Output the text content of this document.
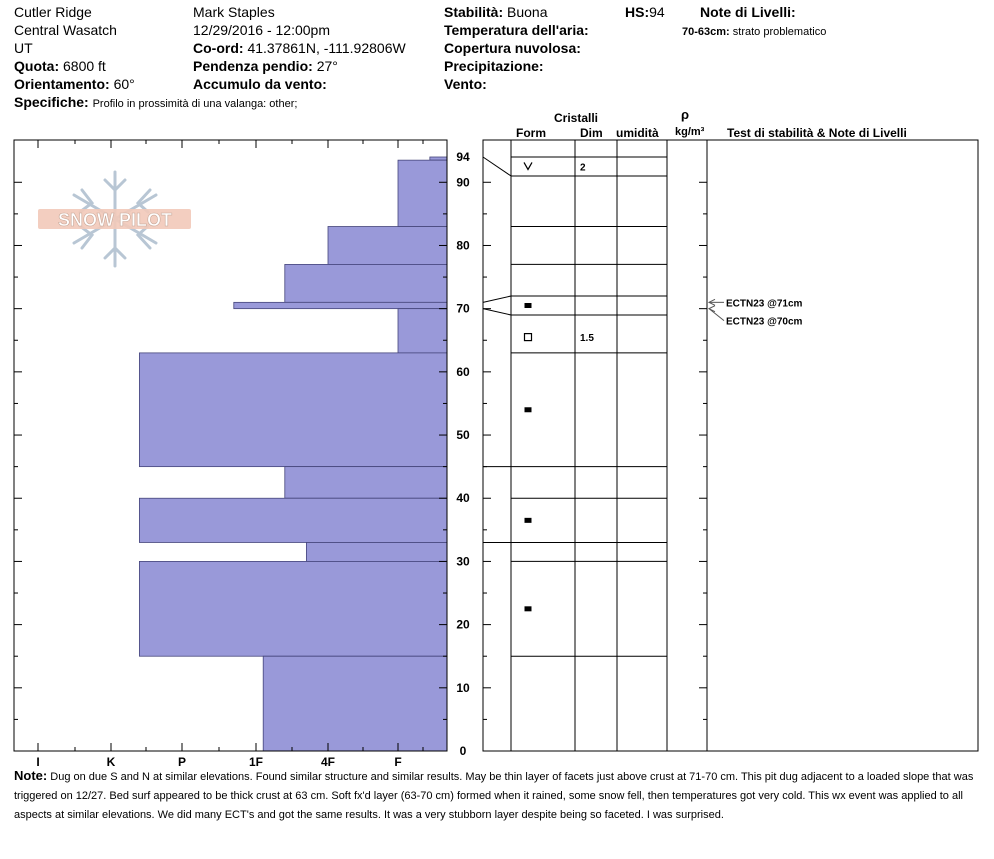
Cutler Ridge
Central Wasatch
UT
Quota: 6800 ft
Orientamento: 60°
Specifiche: Profilo in prossimità di una valanga: other;
Mark Staples
12/29/2016 - 12:00pm
Co-ord: 41.37861N, -111.92806W
Pendenza pendio: 27°
Accumulo da vento:
Stabilità: Buona	HS:94
Temperatura dell'aria:
Copertura nuvolosa:
Precipitazione:
Vento:
Note di Livelli:
70-63cm: strato problematico
Cristalli
Form	Dim umidità
ρ
kg/m³ Test di stabilità & Note di Livelli
SNOW PILOT
I	K	P	1F	4F	F
0
10
20
30
40
50
60
70
80
90
94
2
1.5
ECTN23 @71cm
ECTN23 @70cm
Note: Dug on due S and N at similar elevations. Found similar structure and similar results. May be thin layer of facets just above crust at 71-70 cm. This pit dug adjacent to a loaded slope that was triggered on 12/27. Bed surf appeared to be thick crust at 63 cm. Soft fx'd layer (63-70 cm) formed when it rained, some snow fell, then temperatures got very cold. This wx event was applied to all aspects at similar elevations. We did many ECT's and got the same results. It was a very stubborn layer despite being so faceted. I was surprised.
